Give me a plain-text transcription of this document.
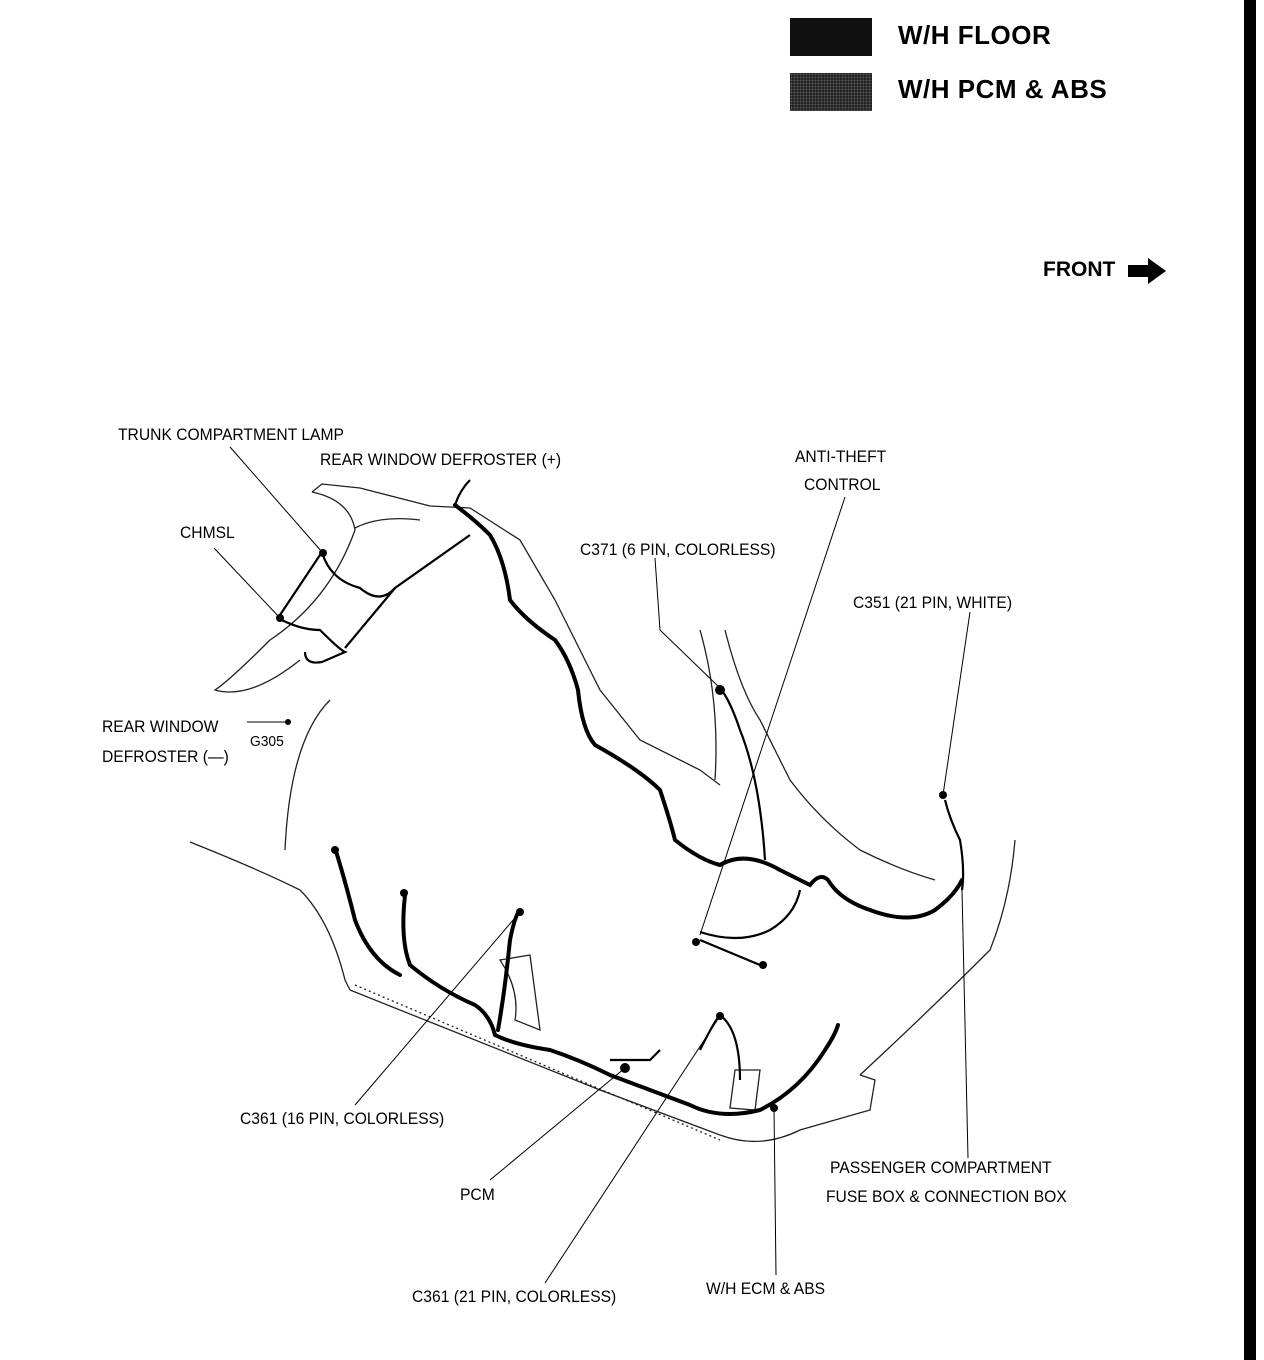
W/H FLOOR
W/H PCM & ABS
FRONT
TRUNK COMPARTMENT LAMP
REAR WINDOW DEFROSTER (+)	ANTI-THEFT
CONTROL
CHMSL
C371 (6 PIN, COLORLESS)
C351 (21 PIN, WHITE)
REAR WINDOW
DEFROSTER (—)
G305
C361 (16 PIN, COLORLESS)
PCM
PASSENGER COMPARTMENT
FUSE BOX & CONNECTION BOX
C361 (21 PIN, COLORLESS)	W/H ECM & ABS
